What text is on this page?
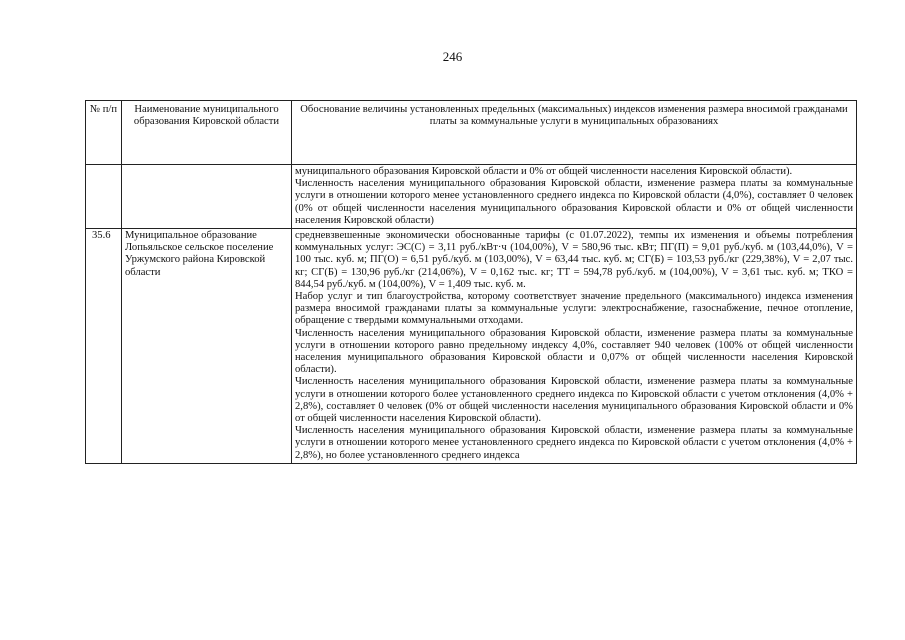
246
№ п/п	Наименование муниципального образования Кировской области	Обоснование величины установленных предельных (максимальных) индексов изменения размера вносимой гражданами платы за коммунальные услуги в муниципальных образованиях

		муниципального образования Кировской области и 0% от общей численности населения Кировской области).

Численность населения муниципального образования Кировской области, изменение размера платы за коммунальные услуги в отношении которого менее установленного среднего индекса по Кировской области (4,0%), составляет 0 человек (0% от общей численности населения муниципального образования Кировской области и 0% от общей численности населения Кировской области)

35.6	Муниципальное образование Лопьяльское сельское поселение Уржумского района Кировской области	средневзвешенные экономически обоснованные тарифы (с 01.07.2022), темпы их изменения и объемы потребления коммунальных услуг: ЭС(С) = 3,11 руб./кВт·ч (104,00%), V = 580,96 тыс. кВт; ПГ(П) = 9,01 руб./куб. м (103,44,0%), V = 100 тыс. куб. м; ПГ(О) = 6,51 руб./куб. м (103,00%), V = 63,44 тыс. куб. м; СГ(Б) = 103,53 руб./кг (229,38%), V = 2,07 тыс. кг; СГ(Б) = 130,96 руб./кг (214,06%), V = 0,162 тыс. кг; ТТ = 594,78 руб./куб. м (104,00%), V = 3,61 тыс. куб. м; ТКО = 844,54 руб./куб. м (104,00%), V = 1,409 тыс. куб. м.

Набор услуг и тип благоустройства, которому соответствует значение предельного (максимального) индекса изменения размера вносимой гражданами платы за коммунальные услуги: электроснабжение, газоснабжение, печное отопление, обращение с твердыми коммунальными отходами.

Численность населения муниципального образования Кировской области, изменение размера платы за коммунальные услуги в отношении которого равно предельному индексу 4,0%, составляет 940 человек (100% от общей численности населения муниципального образования Кировской области и 0,07% от общей численности населения Кировской области).

Численность населения муниципального образования Кировской области, изменение размера платы за коммунальные услуги в отношении которого более установленного среднего индекса по Кировской области с учетом отклонения (4,0% + 2,8%), составляет 0 человек (0% от общей численности населения муниципального образования Кировской области и 0% от общей численности населения Кировской области).

Численность населения муниципального образования Кировской области, изменение размера платы за коммунальные услуги в отношении которого менее установленного среднего индекса по Кировской области с учетом отклонения (4,0% + 2,8%), но более установленного среднего индекса
